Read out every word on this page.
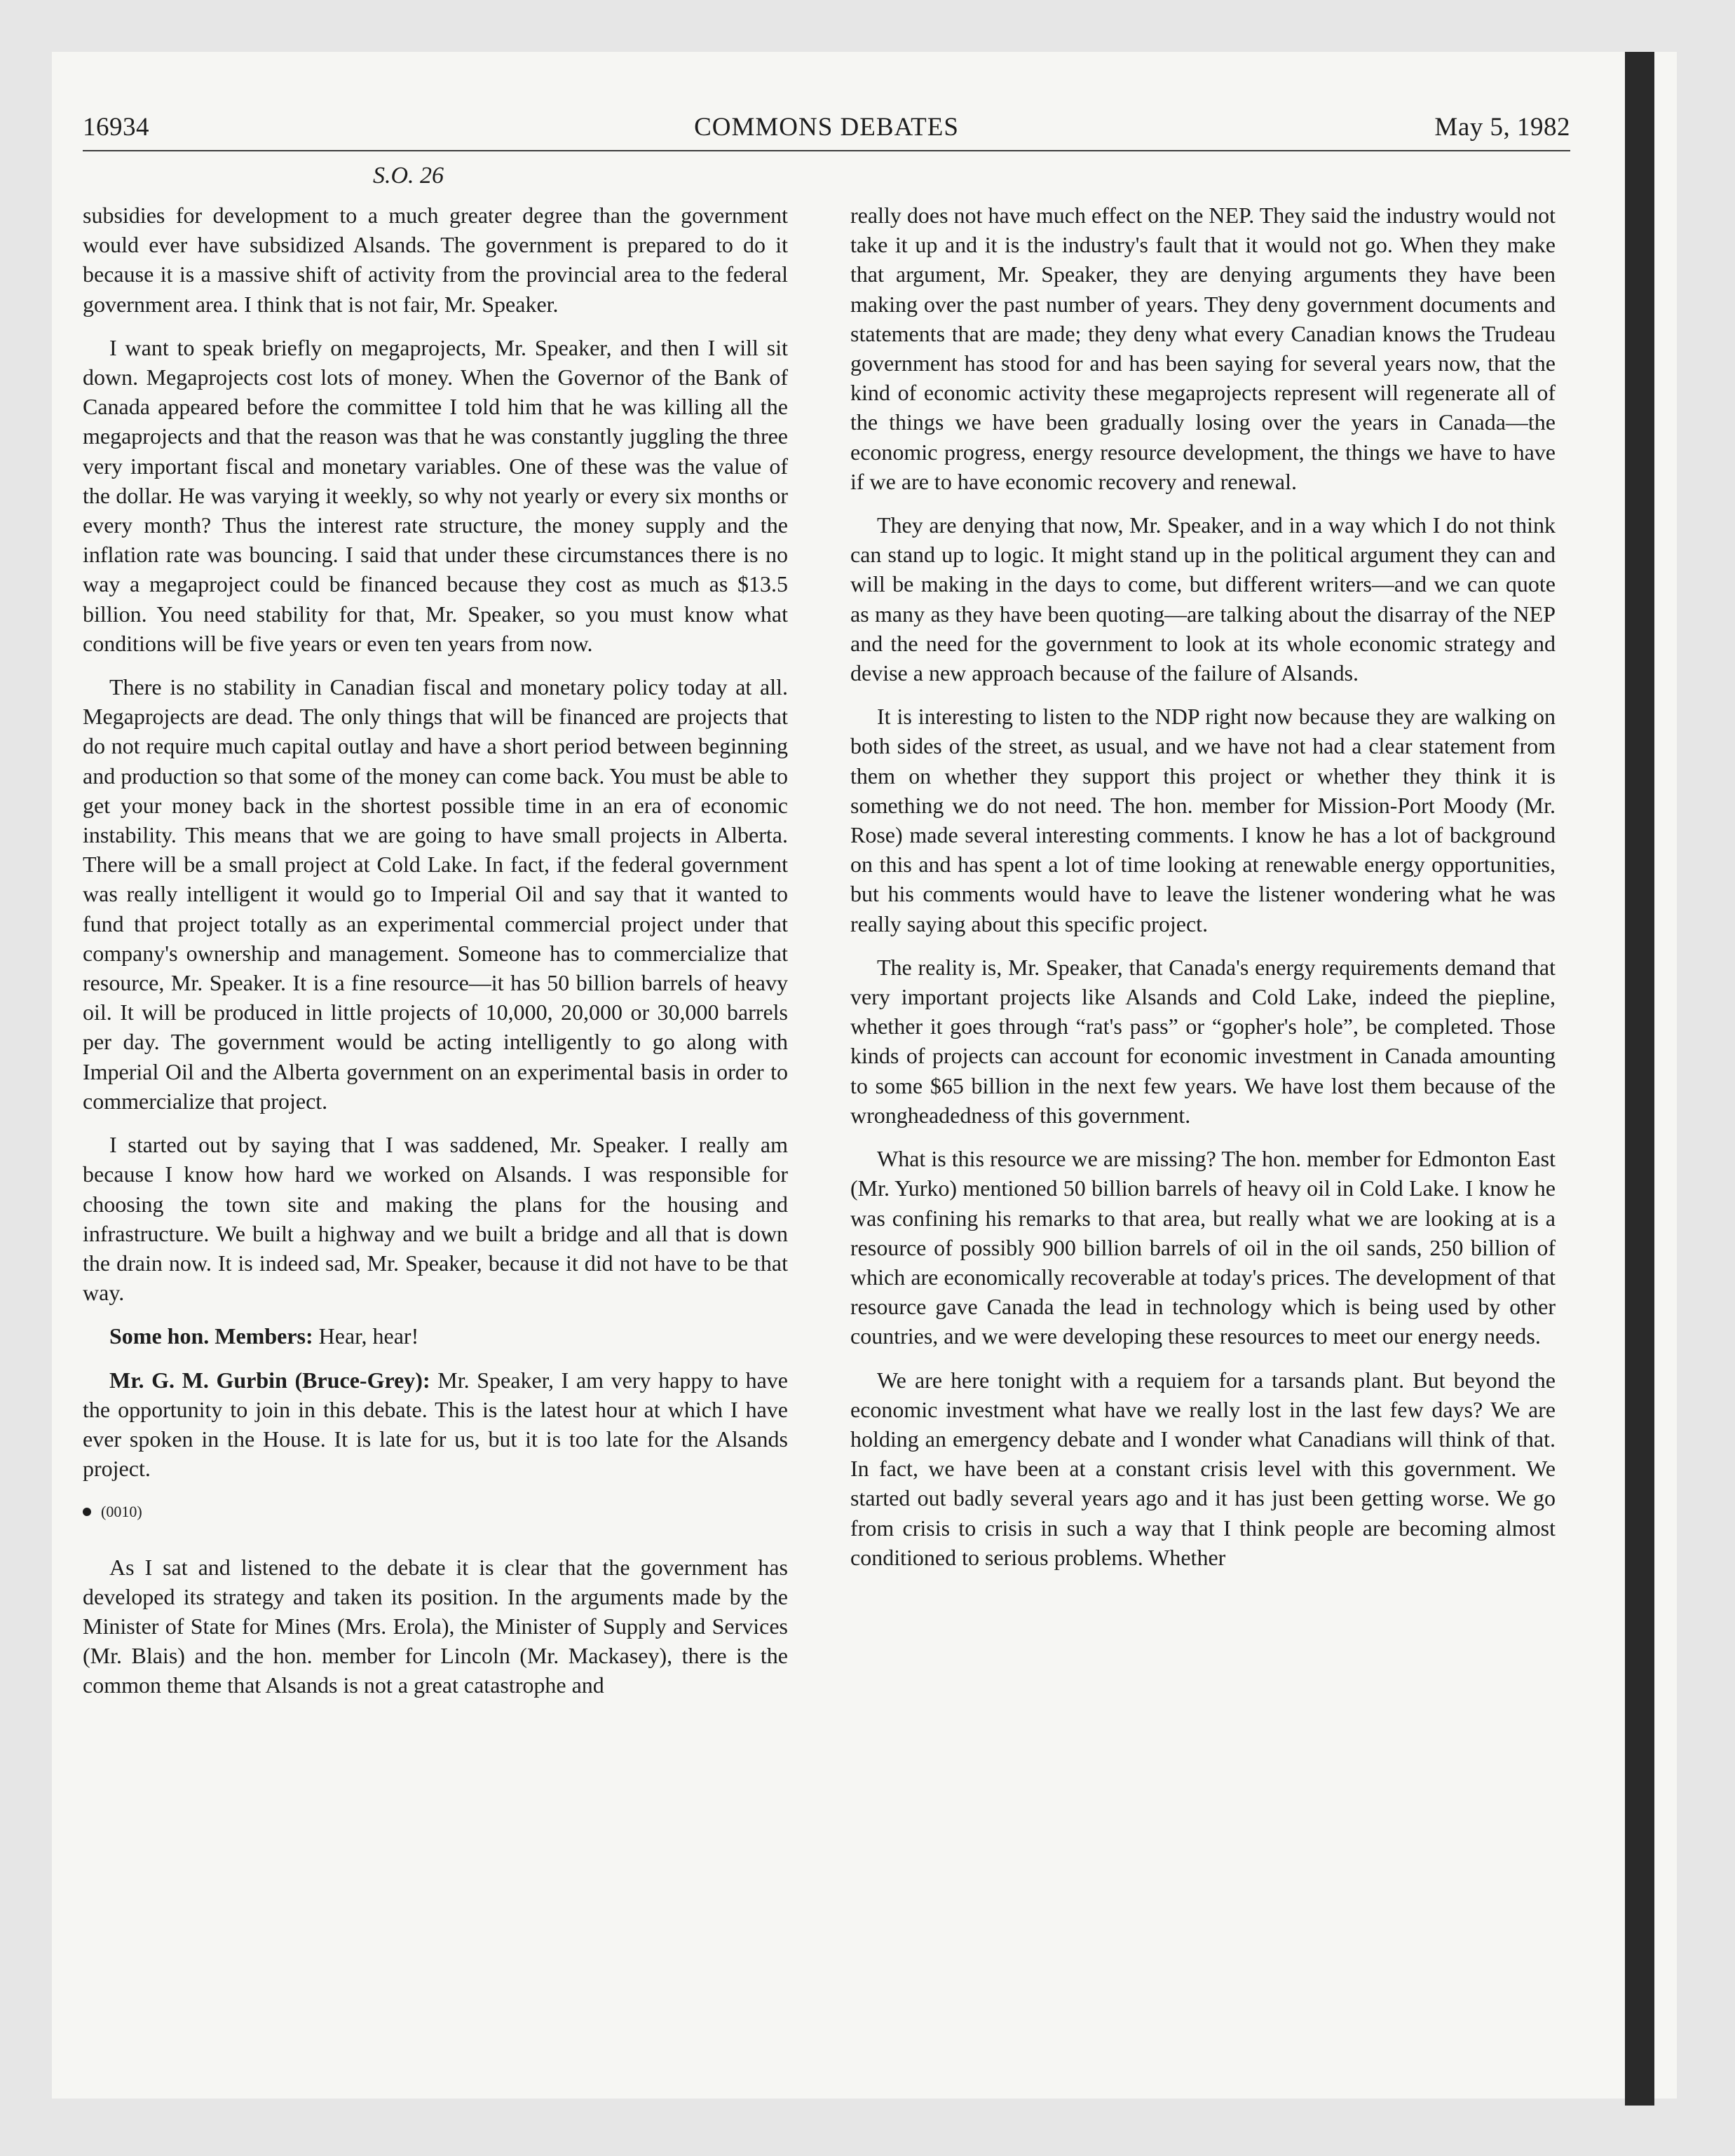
16934	COMMONS DEBATES	May 5, 1982
S.O. 26

subsidies for development to a much greater degree than the government would ever have subsidized Alsands. The government is prepared to do it because it is a massive shift of activity from the provincial area to the federal government area. I think that is not fair, Mr. Speaker.

I want to speak briefly on megaprojects, Mr. Speaker, and then I will sit down. Megaprojects cost lots of money. When the Governor of the Bank of Canada appeared before the committee I told him that he was killing all the megaprojects and that the reason was that he was constantly juggling the three very important fiscal and monetary variables. One of these was the value of the dollar. He was varying it weekly, so why not yearly or every six months or every month? Thus the interest rate structure, the money supply and the inflation rate was bouncing. I said that under these circumstances there is no way a megaproject could be financed because they cost as much as $13.5 billion. You need stability for that, Mr. Speaker, so you must know what conditions will be five years or even ten years from now.

There is no stability in Canadian fiscal and monetary policy today at all. Megaprojects are dead. The only things that will be financed are projects that do not require much capital outlay and have a short period between beginning and production so that some of the money can come back. You must be able to get your money back in the shortest possible time in an era of economic instability. This means that we are going to have small projects in Alberta. There will be a small project at Cold Lake. In fact, if the federal government was really intelligent it would go to Imperial Oil and say that it wanted to fund that project totally as an experimental commercial project under that company's ownership and management. Someone has to commercialize that resource, Mr. Speaker. It is a fine resource—it has 50 billion barrels of heavy oil. It will be produced in little projects of 10,000, 20,000 or 30,000 barrels per day. The government would be acting intelligently to go along with Imperial Oil and the Alberta government on an experimental basis in order to commercialize that project.

I started out by saying that I was saddened, Mr. Speaker. I really am because I know how hard we worked on Alsands. I was responsible for choosing the town site and making the plans for the housing and infrastructure. We built a highway and we built a bridge and all that is down the drain now. It is indeed sad, Mr. Speaker, because it did not have to be that way.

Some hon. Members: Hear, hear!

Mr. G. M. Gurbin (Bruce-Grey): Mr. Speaker, I am very happy to have the opportunity to join in this debate. This is the latest hour at which I have ever spoken in the House. It is late for us, but it is too late for the Alsands project.

(0010)

As I sat and listened to the debate it is clear that the government has developed its strategy and taken its position. In the arguments made by the Minister of State for Mines (Mrs. Erola), the Minister of Supply and Services (Mr. Blais) and the hon. member for Lincoln (Mr. Mackasey), there is the common theme that Alsands is not a great catastrophe and

really does not have much effect on the NEP. They said the industry would not take it up and it is the industry's fault that it would not go. When they make that argument, Mr. Speaker, they are denying arguments they have been making over the past number of years. They deny government documents and statements that are made; they deny what every Canadian knows the Trudeau government has stood for and has been saying for several years now, that the kind of economic activity these megaprojects represent will regenerate all of the things we have been gradually losing over the years in Canada—the economic progress, energy resource development, the things we have to have if we are to have economic recovery and renewal.

They are denying that now, Mr. Speaker, and in a way which I do not think can stand up to logic. It might stand up in the political argument they can and will be making in the days to come, but different writers—and we can quote as many as they have been quoting—are talking about the disarray of the NEP and the need for the government to look at its whole economic strategy and devise a new approach because of the failure of Alsands.

It is interesting to listen to the NDP right now because they are walking on both sides of the street, as usual, and we have not had a clear statement from them on whether they support this project or whether they think it is something we do not need. The hon. member for Mission-Port Moody (Mr. Rose) made several interesting comments. I know he has a lot of background on this and has spent a lot of time looking at renewable energy opportunities, but his comments would have to leave the listener wondering what he was really saying about this specific project.

The reality is, Mr. Speaker, that Canada's energy requirements demand that very important projects like Alsands and Cold Lake, indeed the piepline, whether it goes through “rat's pass” or “gopher's hole”, be completed. Those kinds of projects can account for economic investment in Canada amounting to some $65 billion in the next few years. We have lost them because of the wrongheadedness of this government.

What is this resource we are missing? The hon. member for Edmonton East (Mr. Yurko) mentioned 50 billion barrels of heavy oil in Cold Lake. I know he was confining his remarks to that area, but really what we are looking at is a resource of possibly 900 billion barrels of oil in the oil sands, 250 billion of which are economically recoverable at today's prices. The development of that resource gave Canada the lead in technology which is being used by other countries, and we were developing these resources to meet our energy needs.

We are here tonight with a requiem for a tarsands plant. But beyond the economic investment what have we really lost in the last few days? We are holding an emergency debate and I wonder what Canadians will think of that. In fact, we have been at a constant crisis level with this government. We started out badly several years ago and it has just been getting worse. We go from crisis to crisis in such a way that I think people are becoming almost conditioned to serious problems. Whether
